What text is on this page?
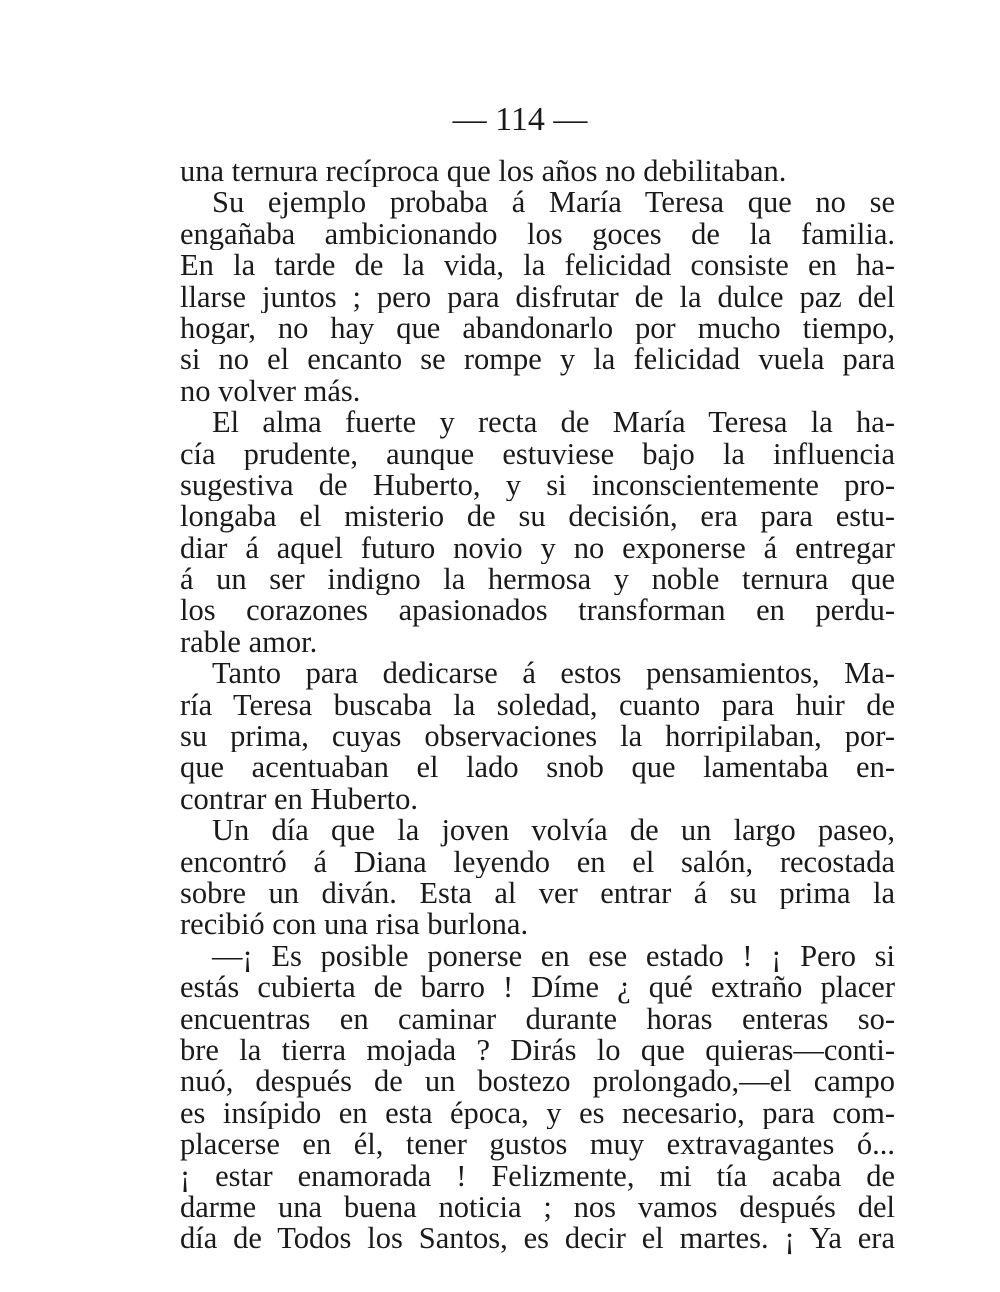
— 114 —
una ternura recíproca que los años no debilitaban.
Su ejemplo probaba á María Teresa que no se
engañaba ambicionando los goces de la familia.
En la tarde de la vida, la felicidad consiste en ha-
llarse juntos ; pero para disfrutar de la dulce paz del
hogar, no hay que abandonarlo por mucho tiempo,
si no el encanto se rompe y la felicidad vuela para
no volver más.
El alma fuerte y recta de María Teresa la ha-
cía prudente, aunque estuviese bajo la influencia
sugestiva de Huberto, y si inconscientemente pro-
longaba el misterio de su decisión, era para estu-
diar á aquel futuro novio y no exponerse á entregar
á un ser indigno la hermosa y noble ternura que
los corazones apasionados transforman en perdu-
rable amor.
Tanto para dedicarse á estos pensamientos, Ma-
ría Teresa buscaba la soledad, cuanto para huir de
su prima, cuyas observaciones la horripilaban, por-
que acentuaban el lado snob que lamentaba en-
contrar en Huberto.
Un día que la joven volvía de un largo paseo,
encontró á Diana leyendo en el salón, recostada
sobre un diván. Esta al ver entrar á su prima la
recibió con una risa burlona.
—¡ Es posible ponerse en ese estado ! ¡ Pero si
estás cubierta de barro ! Díme ¿ qué extraño placer
encuentras en caminar durante horas enteras so-
bre la tierra mojada ? Dirás lo que quieras—conti-
nuó, después de un bostezo prolongado,—el campo
es insípido en esta época, y es necesario, para com-
placerse en él, tener gustos muy extravagantes ó...
¡ estar enamorada ! Felizmente, mi tía acaba de
darme una buena noticia ; nos vamos después del
día de Todos los Santos, es decir el martes. ¡ Ya era
